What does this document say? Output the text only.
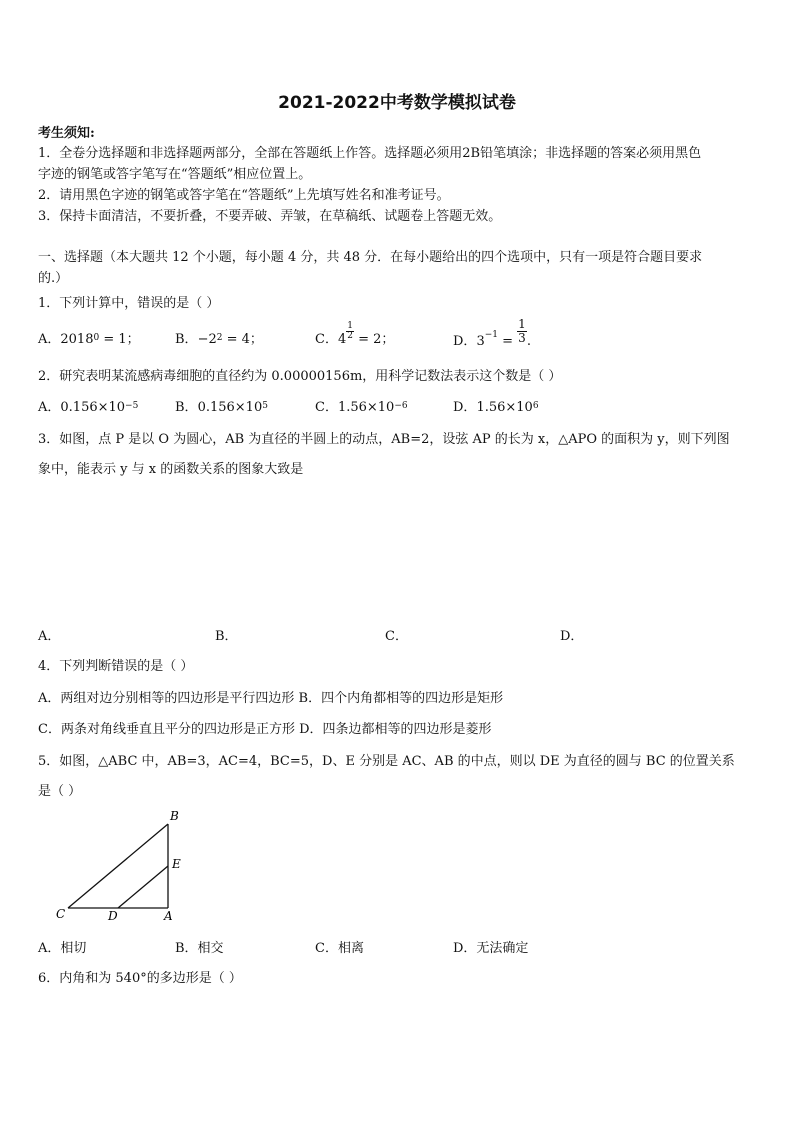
2021-2022中考数学模拟试卷
考生须知:
1．全卷分选择题和非选择题两部分，全部在答题纸上作答。选择题必须用2B铅笔填涂；非选择题的答案必须用黑色
字迹的钢笔或答字笔写在“答题纸”相应位置上。
2．请用黑色字迹的钢笔或答字笔在“答题纸”上先填写姓名和准考证号。
3．保持卡面清洁，不要折叠，不要弄破、弄皱，在草稿纸、试题卷上答题无效。
一、选择题（本大题共 12 个小题，每小题 4 分，共 48 分．在每小题给出的四个选项中，只有一项是符合题目要求
的.）
1．下列计算中，错误的是（ ）
A．$2018^0 = 1$；	B．$-2^2 = 4$；	C．$4 \frac{1}{2} = 2$；	D．$3^{-1} = \frac{1}{3}$ .
2．研究表明某流感病毒细胞的直径约为 0.00000156m，用科学记数法表示这个数是（ ）
A．$0.156\times 10^{-5}$	B．$0.156\times 10^5$	C．$1.56\times 10^{-6}$	D．$1.56\times 10^6$
3．如图，点 P 是以 O 为圆心，AB 为直径的半圆上的动点，AB=2，设弦 AP 的长为 x，△APO 的面积为 y，则下列图
象中，能表示 y 与 x 的函数关系的图象大致是
A．	B．	C．	D．
4．下列判断错误的是（ ）
A．两组对边分别相等的四边形是平行四边形 B．四个内角都相等的四边形是矩形
C．两条对角线垂直且平分的四边形是正方形 D．四条边都相等的四边形是菱形
5．如图，△ABC 中，AB=3，AC=4，BC=5，D、E 分别是 AC、AB 的中点，则以 DE 为直径的圆与 BC 的位置关系
是（ ）
B
E
C	D	A
A．相切	B．相交	C．相离	D．无法确定
6．内角和为 540°的多边形是（ ）
